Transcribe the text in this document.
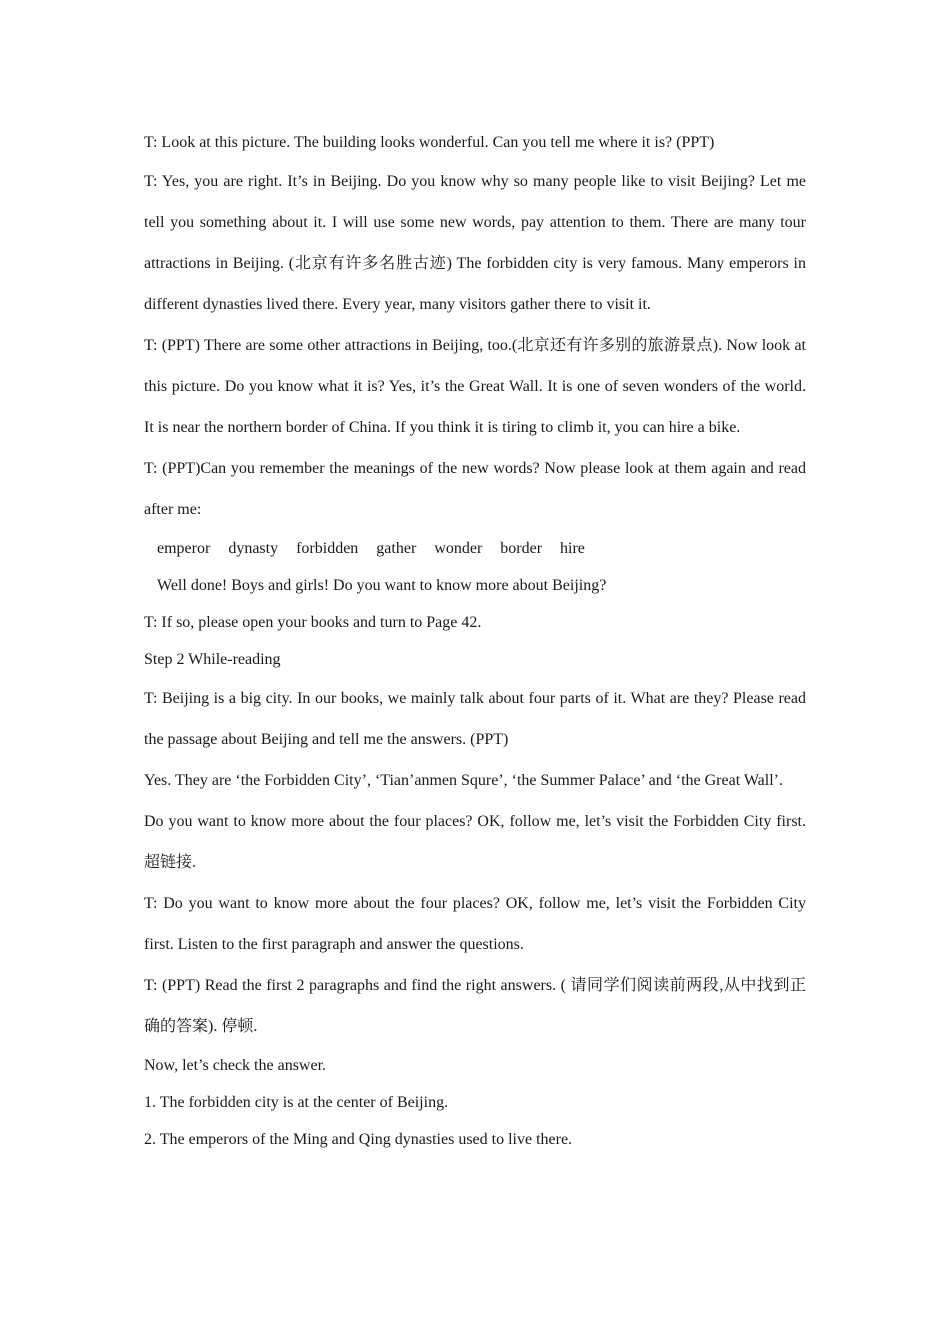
T: Look at this picture. The building looks wonderful. Can you tell me where it is? (PPT)

T: Yes, you are right. It’s in Beijing. Do you know why so many people like to visit Beijing? Let me tell you something about it. I will use some new words, pay attention to them. There are many tour attractions in Beijing. (北京有许多名胜古迹) The forbidden city is very famous. Many emperors in different dynasties lived there. Every year, many visitors gather there to visit it.

T: (PPT) There are some other attractions in Beijing, too.(北京还有许多别的旅游景点). Now look at this picture. Do you know what it is? Yes, it’s the Great Wall. It is one of seven wonders of the world. It is near the northern border of China. If you think it is tiring to climb it, you can hire a bike.

T: (PPT)Can you remember the meanings of the new words? Now please look at them again and read after me:

emperor dynasty forbidden gather wonder border hire

Well done! Boys and girls! Do you want to know more about Beijing?

T: If so, please open your books and turn to Page 42.

Step 2 While-reading

T: Beijing is a big city. In our books, we mainly talk about four parts of it. What are they? Please read the passage about Beijing and tell me the answers. (PPT)

Yes. They are ‘the Forbidden City’, ‘Tian’anmen Squre’, ‘the Summer Palace’ and ‘the Great Wall’.

Do you want to know more about the four places? OK, follow me, let’s visit the Forbidden City first. 超链接.

T: Do you want to know more about the four places? OK, follow me, let’s visit the Forbidden City first. Listen to the first paragraph and answer the questions.

T: (PPT) Read the first 2 paragraphs and find the right answers. ( 请同学们阅读前两段,从中找到正确的答案). 停顿.

Now, let’s check the answer.

1. The forbidden city is at the center of Beijing.

2. The emperors of the Ming and Qing dynasties used to live there.
